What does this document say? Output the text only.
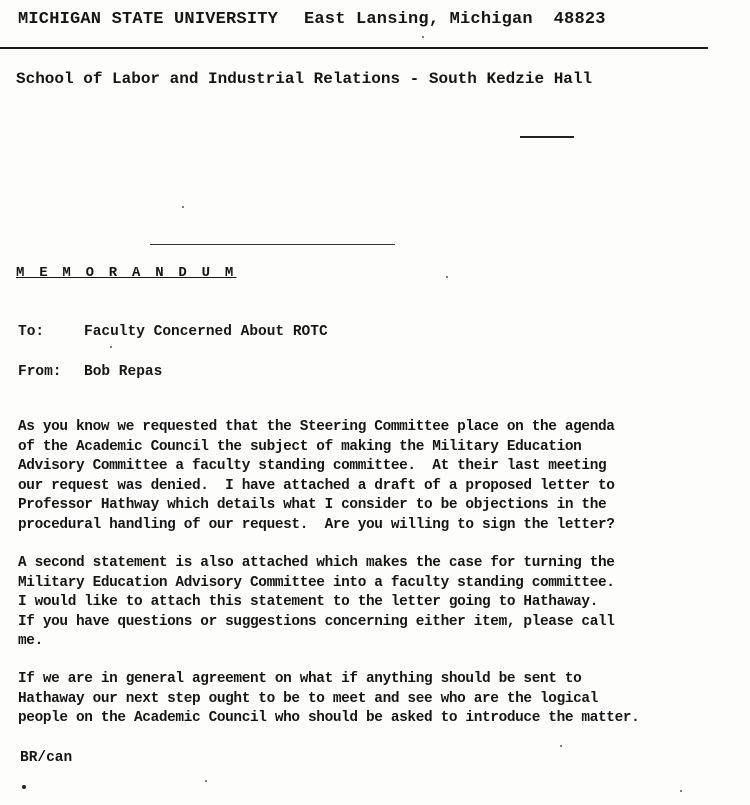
MICHIGAN STATE UNIVERSITY

East Lansing, Michigan  48823

School of Labor and Industrial Relations - South Kedzie Hall
M E M O R A N D U M
To:	Faculty Concerned About ROTC
From: Bob Repas

As you know we requested that the Steering Committee place on the agenda
of the Academic Council the subject of making the Military Education
Advisory Committee a faculty standing committee.  At their last meeting
our request was denied.  I have attached a draft of a proposed letter to
Professor Hathway which details what I consider to be objections in the
procedural handling of our request.  Are you willing to sign the letter?

A second statement is also attached which makes the case for turning the
Military Education Advisory Committee into a faculty standing committee.
I would like to attach this statement to the letter going to Hathaway.
If you have questions or suggestions concerning either item, please call
me.

If we are in general agreement on what if anything should be sent to
Hathaway our next step ought to be to meet and see who are the logical
people on the Academic Council who should be asked to introduce the matter.

BR/can
